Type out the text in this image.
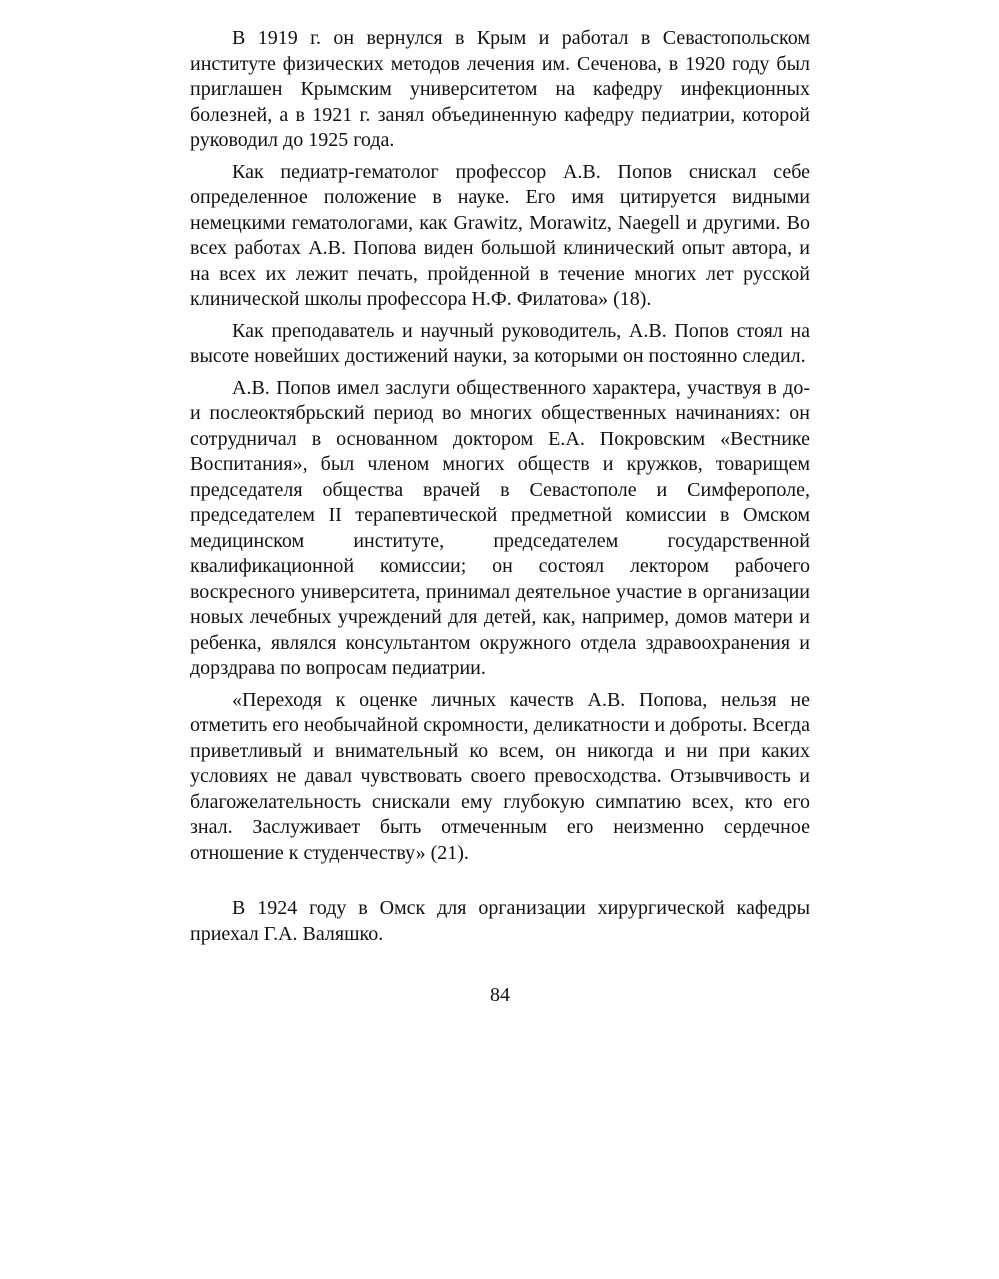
В 1919 г. он вернулся в Крым и работал в Севастопольском институте физических методов лечения им. Сеченова, в 1920 году был приглашен Крымским университетом на кафедру инфекционных болезней, а в 1921 г. занял объединенную кафедру педиатрии, которой руководил до 1925 года.

Как педиатр-гематолог профессор А.В. Попов снискал себе определенное положение в науке. Его имя цитируется видными немецкими гематологами, как Grawitz, Morawitz, Naegell и другими. Во всех работах А.В. Попова виден большой клинический опыт автора, и на всех их лежит печать, пройденной в течение многих лет русской клинической школы профессора Н.Ф. Филатова» (18).

Как преподаватель и научный руководитель, А.В. Попов стоял на высоте новейших достижений науки, за которыми он постоянно следил.

А.В. Попов имел заслуги общественного характера, участвуя в до- и послеоктябрьский период во многих общественных начинаниях: он сотрудничал в основанном доктором Е.А. Покровским «Вестнике Воспитания», был членом многих обществ и кружков, товарищем председателя общества врачей в Севастополе и Симферополе, председателем II терапевтической предметной комиссии в Омском медицинском институте, председателем государственной квалификационной комиссии; он состоял лектором рабочего воскресного университета, принимал деятельное участие в организации новых лечебных учреждений для детей, как, например, домов матери и ребенка, являлся консультантом окружного отдела здравоохранения и дорздрава по вопросам педиатрии.

«Переходя к оценке личных качеств А.В. Попова, нельзя не отметить его необычайной скромности, деликатности и доброты. Всегда приветливый и внимательный ко всем, он никогда и ни при каких условиях не давал чувствовать своего превосходства. Отзывчивость и благожелательность снискали ему глубокую симпатию всех, кто его знал. Заслуживает быть отмеченным его неизменно сердечное отношение к студенчеству» (21).

В 1924 году в Омск для организации хирургической кафедры приехал Г.А. Валяшко.

84
